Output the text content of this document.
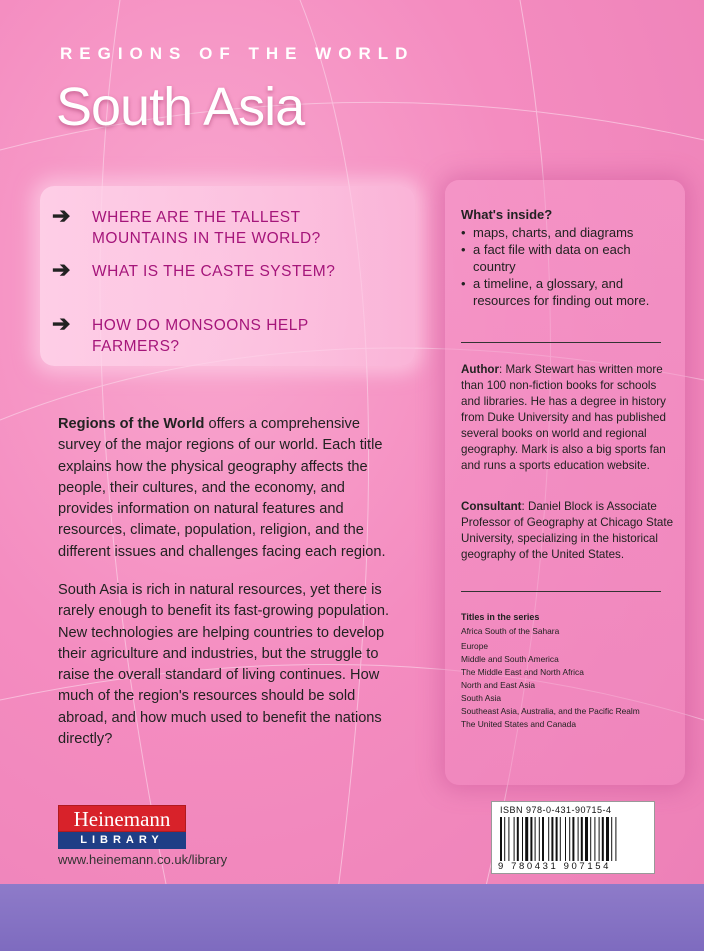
REGIONS OF THE WORLD
South Asia
➔ WHERE ARE THE TALLEST MOUNTAINS IN THE WORLD?
➔ WHAT IS THE CASTE SYSTEM?
➔ HOW DO MONSOONS HELP FARMERS?
What's inside?
• maps, charts, and diagrams
• a fact file with data on each country
• a timeline, a glossary, and resources for finding out more.
Author: Mark Stewart has written more than 100 non-fiction books for schools and libraries. He has a degree in history from Duke University and has published several books on world and regional geography. Mark is also a big sports fan and runs a sports education website.
Consultant: Daniel Block is Associate Professor of Geography at Chicago State University, specializing in the historical geography of the United States.
Titles in the series
Africa South of the Sahara
Europe
Middle and South America
The Middle East and North Africa
North and East Asia
South Asia
Southeast Asia, Australia, and the Pacific Realm
The United States and Canada
Regions of the World offers a comprehensive survey of the major regions of our world. Each title explains how the physical geography affects the people, their cultures, and the economy, and provides information on natural features and resources, climate, population, religion, and the different issues and challenges facing each region.
South Asia is rich in natural resources, yet there is rarely enough to benefit its fast-growing population. New technologies are helping countries to develop their agriculture and industries, but the struggle to raise the overall standard of living continues. How much of the region's resources should be sold abroad, and how much used to benefit the nations directly?
Heinemann
LIBRARY
www.heinemann.co.uk/library
ISBN 978-0-431-90715-4
9 780431 907154
